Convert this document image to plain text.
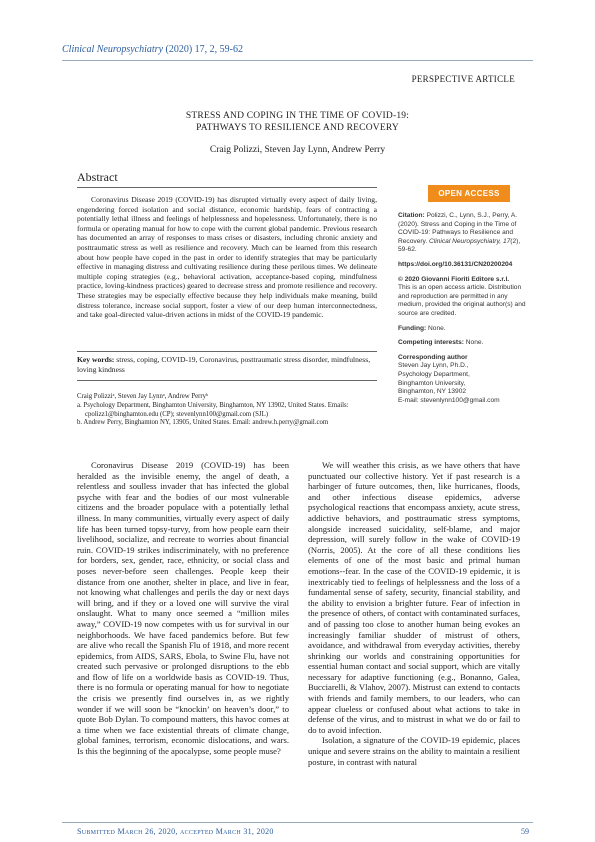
Clinical Neuropsychiatry (2020) 17, 2, 59-62
PERSPECTIVE ARTICLE
STRESS AND COPING IN THE TIME OF COVID-19:
PATHWAYS TO RESILIENCE AND RECOVERY
Craig Polizzi, Steven Jay Lynn, Andrew Perry
Abstract
Coronavirus Disease 2019 (COVID-19) has disrupted virtually every aspect of daily living, engendering forced isolation and social distance, economic hardship, fears of contracting a potentially lethal illness and feelings of helplessness and hopelessness. Unfortunately, there is no formula or operating manual for how to cope with the current global pandemic. Previous research has documented an array of responses to mass crises or disasters, including chronic anxiety and posttraumatic stress as well as resilience and recovery. Much can be learned from this research about how people have coped in the past in order to identify strategies that may be particularly effective in managing distress and cultivating resilience during these perilous times. We delineate multiple coping strategies (e.g., behavioral activation, acceptance-based coping, mindfulness practice, loving-kindness practices) geared to decrease stress and promote resilience and recovery. These strategies may be especially effective because they help individuals make meaning, build distress tolerance, increase social support, foster a view of our deep human interconnectedness, and take goal-directed value-driven actions in midst of the COVID-19 pandemic.
Key words: stress, coping, COVID-19, Coronavirus, posttraumatic stress disorder, mindfulness, loving kindness
Craig Polizziᵃ, Steven Jay Lynnᵃ, Andrew Perryᵇ
a. Psychology Department, Binghamton University, Binghamton, NY 13902, United States. Emails: cpolizz1@binghamton.edu (CP); stevenlynn100@gmail.com (SJL)
b. Andrew Perry, Binghamton NY, 13905, United States. Email: andrew.h.perry@gmail.com
OPEN ACCESS
Citation: Polizzi, C., Lynn, S.J., Perry, A. (2020). Stress and Coping in the Time of COVID-19: Pathways to Resilience and Recovery. Clinical Neuropsychiatry, 17(2), 59-62.
https://doi.org/10.36131/CN20200204
© 2020 Giovanni Fioriti Editore s.r.l.
This is an open access article. Distribution and reproduction are permitted in any medium, provided the original author(s) and source are credited.
Funding: None.
Competing interests: None.
Corresponding author
Steven Jay Lynn, Ph.D.,
Psychology Department,
Binghamton University,
Binghamton, NY 13902
E-mail: stevenlynn100@gmail.com

Coronavirus Disease 2019 (COVID-19) has been heralded as the invisible enemy, the angel of death, a relentless and soulless invader that has infected the global psyche with fear and the bodies of our most vulnerable citizens and the broader populace with a potentially lethal illness. In many communities, virtually every aspect of daily life has been turned topsy-turvy, from how people earn their livelihood, socialize, and recreate to worries about financial ruin. COVID-19 strikes indiscriminately, with no preference for borders, sex, gender, race, ethnicity, or social class and poses never-before seen challenges. People keep their distance from one another, shelter in place, and live in fear, not knowing what challenges and perils the day or next days will bring, and if they or a loved one will survive the viral onslaught. What to many once seemed a “million miles away,” COVID-19 now competes with us for survival in our neighborhoods. We have faced pandemics before. But few are alive who recall the Spanish Flu of 1918, and more recent epidemics, from AIDS, SARS, Ebola, to Swine Flu, have not created such pervasive or prolonged disruptions to the ebb and flow of life on a worldwide basis as COVID-19. Thus, there is no formula or operating manual for how to negotiate the crisis we presently find ourselves in, as we rightly wonder if we will soon be “knockin’ on heaven’s door,” to quote Bob Dylan. To compound matters, this havoc comes at a time when we face existential threats of climate change, global famines, terrorism, economic dislocations, and wars. Is this the beginning of the apocalypse, some people muse?

We will weather this crisis, as we have others that have punctuated our collective history. Yet if past research is a harbinger of future outcomes, then, like hurricanes, floods, and other infectious disease epidemics, adverse psychological reactions that encompass anxiety, acute stress, addictive behaviors, and posttraumatic stress symptoms, alongside increased suicidality, self-blame, and major depression, will surely follow in the wake of COVID-19 (Norris, 2005). At the core of all these conditions lies elements of one of the most basic and primal human emotions--fear. In the case of the COVID-19 epidemic, it is inextricably tied to feelings of helplessness and the loss of a fundamental sense of safety, security, financial stability, and the ability to envision a brighter future. Fear of infection in the presence of others, of contact with contaminated surfaces, and of passing too close to another human being evokes an increasingly familiar shudder of mistrust of others, avoidance, and withdrawal from everyday activities, thereby shrinking our worlds and constraining opportunities for essential human contact and social support, which are vitally necessary for adaptive functioning (e.g., Bonanno, Galea, Bucciarelli, & Vlahov, 2007). Mistrust can extend to contacts with friends and family members, to our leaders, who can appear clueless or confused about what actions to take in defense of the virus, and to mistrust in what we do or fail to do to avoid infection.

Isolation, a signature of the COVID-19 epidemic, places unique and severe strains on the ability to maintain a resilient posture, in contrast with natural

Submitted March 26, 2020, accepted March 31, 2020	59
